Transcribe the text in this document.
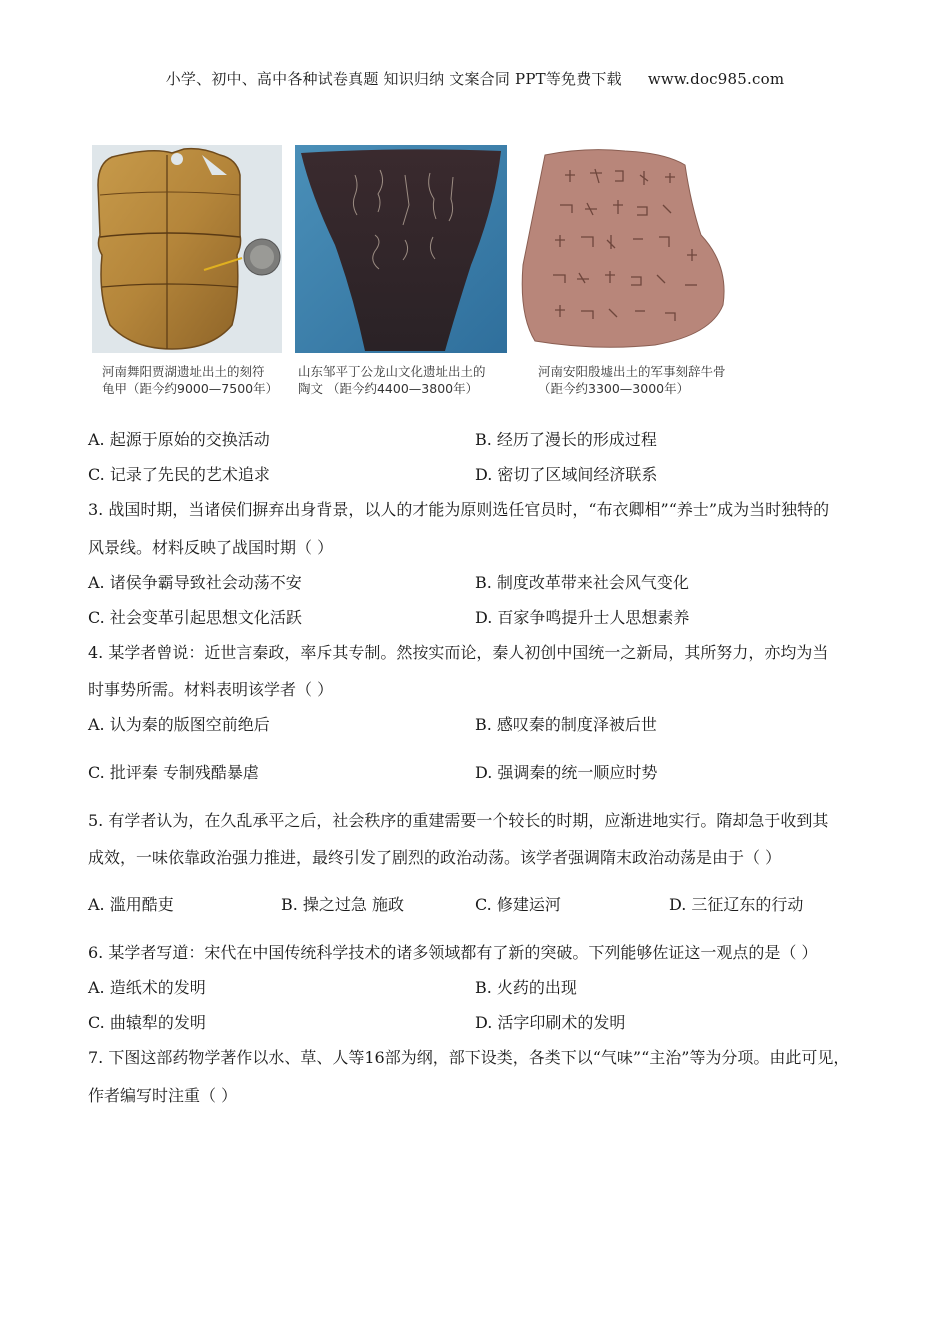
小学、初中、高中各种试卷真题 知识归纳 文案合同 PPT等免费下载 www.doc985.com
河南舞阳贾湖遗址出土的刻符
龟甲（距今约9000—7500年）
山东邹平丁公龙山文化遗址出土的
陶文 （距今约4400—3800年）
河南安阳殷墟出土的军事刻辞牛骨
（距今约3300—3000年）
A. 起源于原始的交换活动	B. 经历了漫长的形成过程
C. 记录了先民的艺术追求	D. 密切了区域间经济联系
3. 战国时期，当诸侯们摒弃出身背景，以人的才能为原则选任官员时，“布衣卿相”“养士”成为当时独特的
风景线。材料反映了战国时期（ ）
A. 诸侯争霸导致社会动荡不安	B. 制度改革带来社会风气变化
C. 社会变革引起思想文化活跃	D. 百家争鸣提升士人思想素养
4. 某学者曾说：近世言秦政，率斥其专制。然按实而论，秦人初创中国统一之新局，其所努力，亦均为当
时事势所需。材料表明该学者（ ）
A. 认为秦的版图空前绝后	B. 感叹秦的制度泽被后世
C. 批评秦 专制残酷暴虐	D. 强调秦的统一顺应时势
5. 有学者认为，在久乱承平之后，社会秩序的重建需要一个较长的时期，应渐进地实行。隋却急于收到其
成效，一味依靠政治强力推进，最终引发了剧烈的政治动荡。该学者强调隋末政治动荡是由于（ ）
A. 滥用酷吏	B. 操之过急 施政	C. 修建运河	D. 三征辽东的行动
6. 某学者写道：宋代在中国传统科学技术的诸多领域都有了新的突破。下列能够佐证这一观点的是（ ）
A. 造纸术的发明	B. 火药的出现
C. 曲辕犁的发明	D. 活字印刷术的发明
7. 下图这部药物学著作以水、草、人等16部为纲，部下设类，各类下以“气味”“主治”等为分项。由此可见，
作者编写时注重（ ）
